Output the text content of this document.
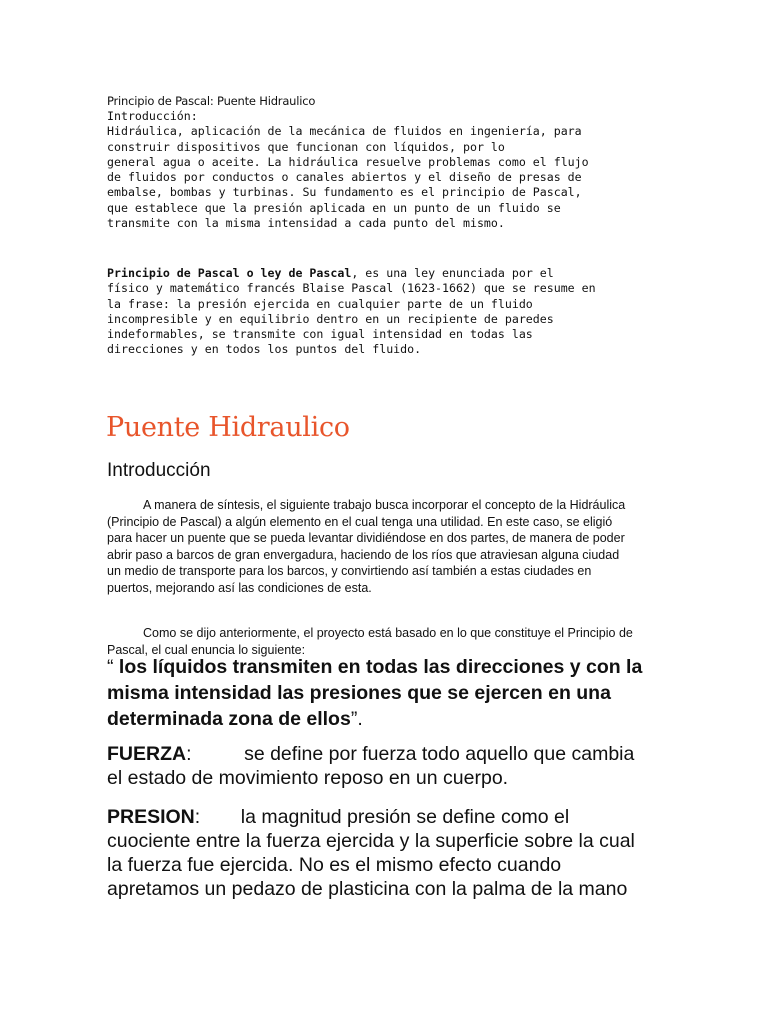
Principio de Pascal: Puente Hidraulico
Introducción:
Hidráulica, aplicación de la mecánica de fluidos en ingeniería, para
construir dispositivos que funcionan con líquidos, por lo
general agua o aceite. La hidráulica resuelve problemas como el flujo
de fluidos por conductos o canales abiertos y el diseño de presas de
embalse, bombas y turbinas. Su fundamento es el principio de Pascal,
que establece que la presión aplicada en un punto de un fluido se
transmite con la misma intensidad a cada punto del mismo.
Principio de Pascal o ley de Pascal, es una ley enunciada por el
físico y matemático francés Blaise Pascal (1623-1662) que se resume en
la frase: la presión ejercida en cualquier parte de un fluido
incompresible y en equilibrio dentro en un recipiente de paredes
indeformables, se transmite con igual intensidad en todas las
direcciones y en todos los puntos del fluido.
Puente Hidraulico
Introducción
A manera de síntesis, el siguiente trabajo busca incorporar el concepto de la Hidráulica
(Principio de Pascal) a algún elemento en el cual tenga una utilidad. En este caso, se eligió
para hacer un puente que se pueda levantar dividiéndose en dos partes, de manera de poder
abrir paso a barcos de gran envergadura, haciendo de los ríos que atraviesan alguna ciudad
un medio de transporte para los barcos, y convirtiendo así también a estas ciudades en
puertos, mejorando así las condiciones de esta.
Como se dijo anteriormente, el proyecto está basado en lo que constituye el Principio de
Pascal, el cual enuncia lo siguiente:
“ los líquidos transmiten en todas las direcciones y con la
misma intensidad las presiones que se ejercen en una
determinada zona de ellos”.
FUERZA:	se define por fuerza todo aquello que cambia
el estado de movimiento reposo en un cuerpo.
PRESION: la magnitud presión se define como el
cuociente entre la fuerza ejercida y la superficie sobre la cual
la fuerza fue ejercida. No es el mismo efecto cuando
apretamos un pedazo de plasticina con la palma de la mano
